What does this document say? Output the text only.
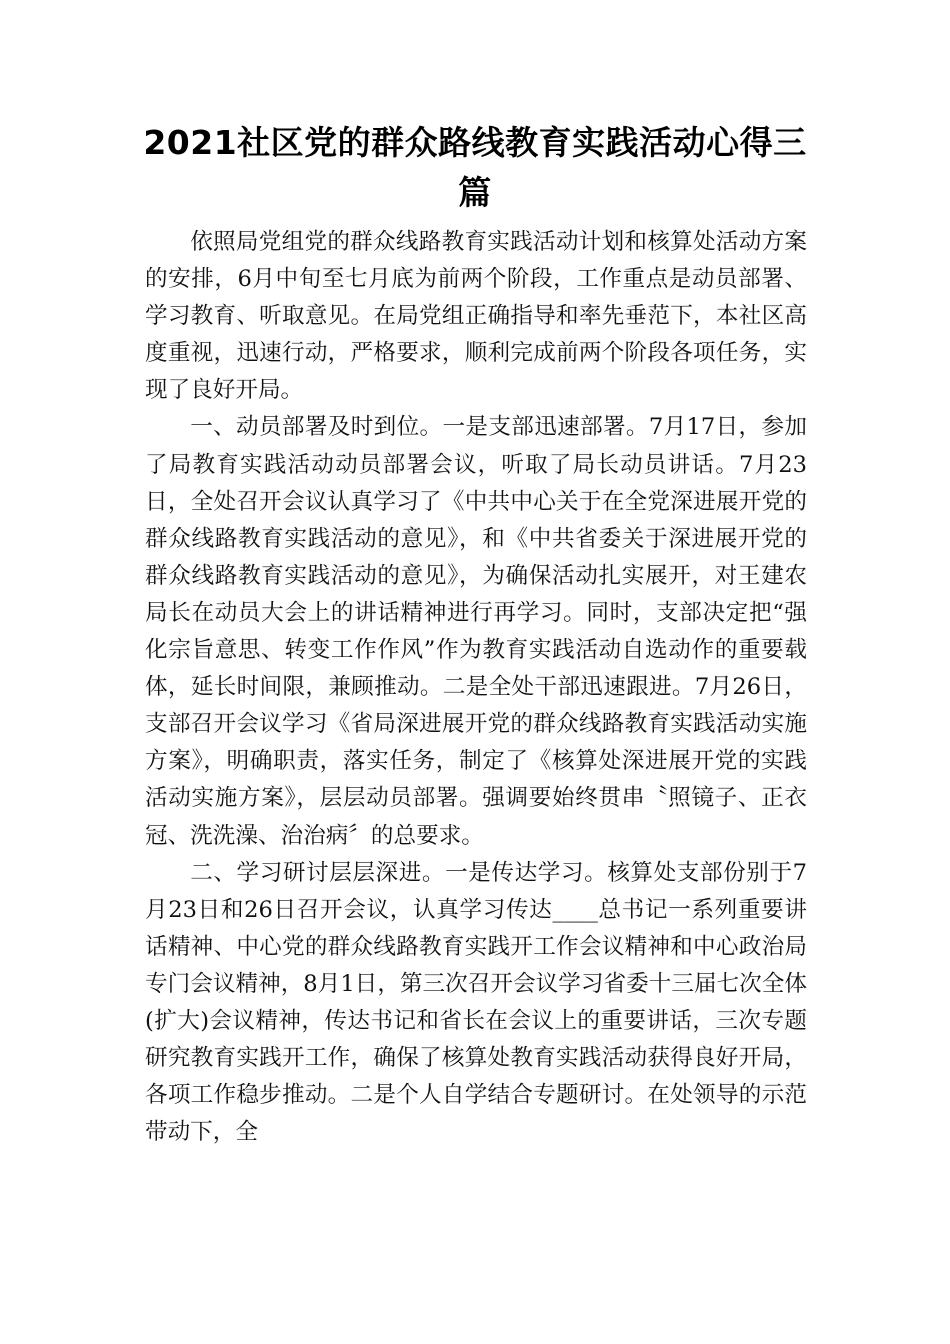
2021社区党的群众路线教育实践活动心得三篇

依照局党组党的群众线路教育实践活动计划和核算处活动方案的安排，6月中旬至七月底为前两个阶段，工作重点是动员部署、学习教育、听取意见。在局党组正确指导和率先垂范下，本社区高度重视，迅速行动，严格要求，顺利完成前两个阶段各项任务，实现了良好开局。

一、动员部署及时到位。一是支部迅速部署。7月17日，参加了局教育实践活动动员部署会议，听取了局长动员讲话。7月23日，全处召开会议认真学习了《中共中心关于在全党深进展开党的群众线路教育实践活动的意见》，和《中共省委关于深进展开党的群众线路教育实践活动的意见》，为确保活动扎实展开，对王建农局长在动员大会上的讲话精神进行再学习。同时，支部决定把“强化宗旨意思、转变工作作风”作为教育实践活动自选动作的重要载体，延长时间限，兼顾推动。二是全处干部迅速跟进。7月26日，支部召开会议学习《省局深进展开党的群众线路教育实践活动实施方案》，明确职责，落实任务，制定了《核算处深进展开党的实践活动实施方案》，层层动员部署。强调要始终贯串〝照镜子、正衣冠、洗洗澡、治治病〞的总要求。

二、学习研讨层层深进。一是传达学习。核算处支部份别于7月23日和26日召开会议，认真学习传达____总书记一系列重要讲话精神、中心党的群众线路教育实践开工作会议精神和中心政治局专门会议精神，8月1日，第三次召开会议学习省委十三届七次全体(扩大)会议精神，传达书记和省长在会议上的重要讲话，三次专题研究教育实践开工作，确保了核算处教育实践活动获得良好开局，各项工作稳步推动。二是个人自学结合专题研讨。在处领导的示范带动下，全
